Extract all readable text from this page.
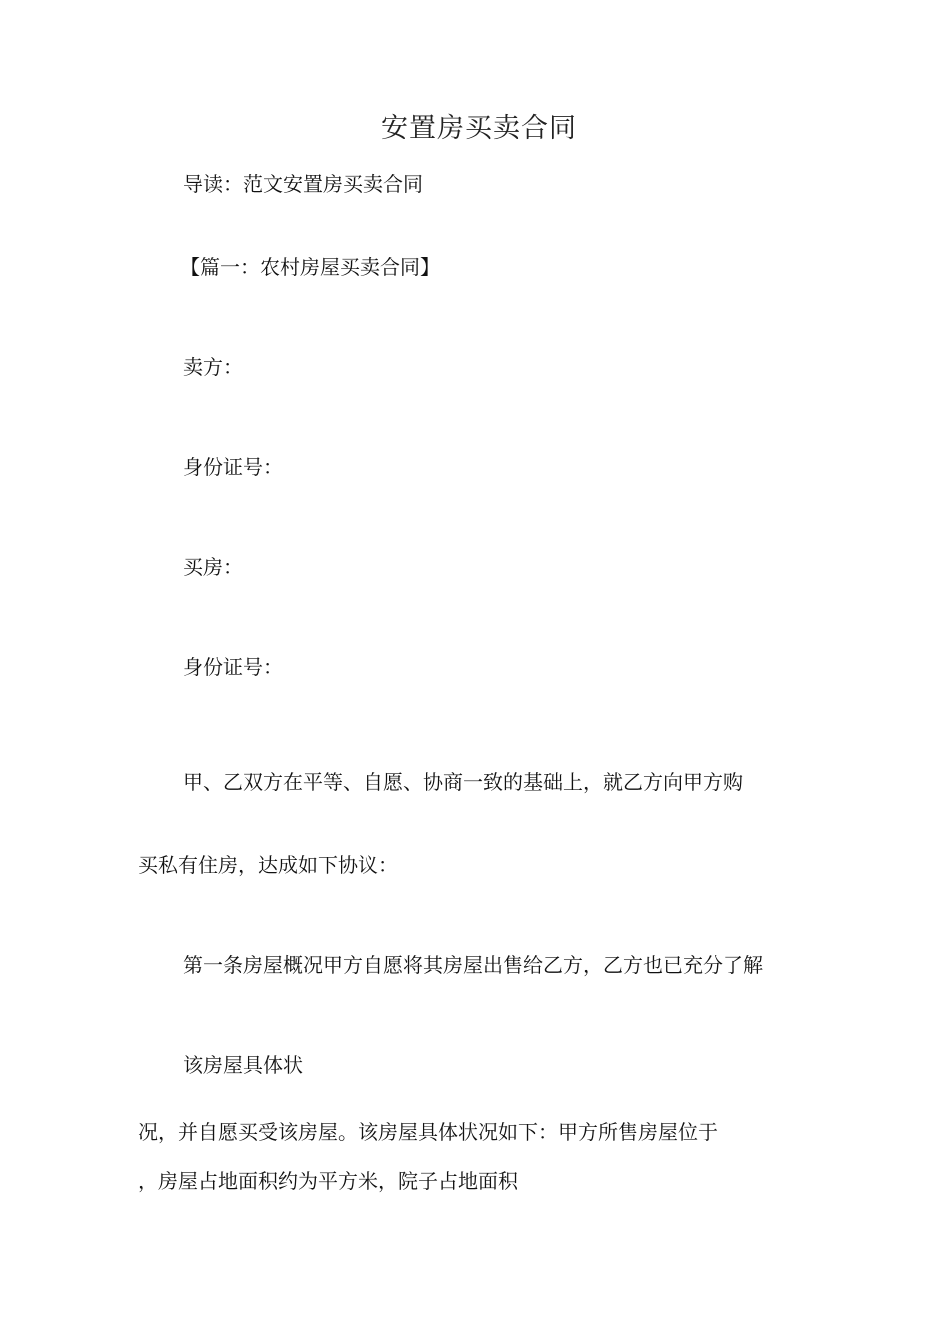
安置房买卖合同

导读：范文安置房买卖合同

【篇一：农村房屋买卖合同】

卖方：

身份证号：

买房：

身份证号：

甲、乙双方在平等、自愿、协商一致的基础上，就乙方向甲方购

买私有住房，达成如下协议：

第一条房屋概况甲方自愿将其房屋出售给乙方，乙方也已充分了解

该房屋具体状

况，并自愿买受该房屋。该房屋具体状况如下：甲方所售房屋位于

，房屋占地面积约为平方米，院子占地面积
